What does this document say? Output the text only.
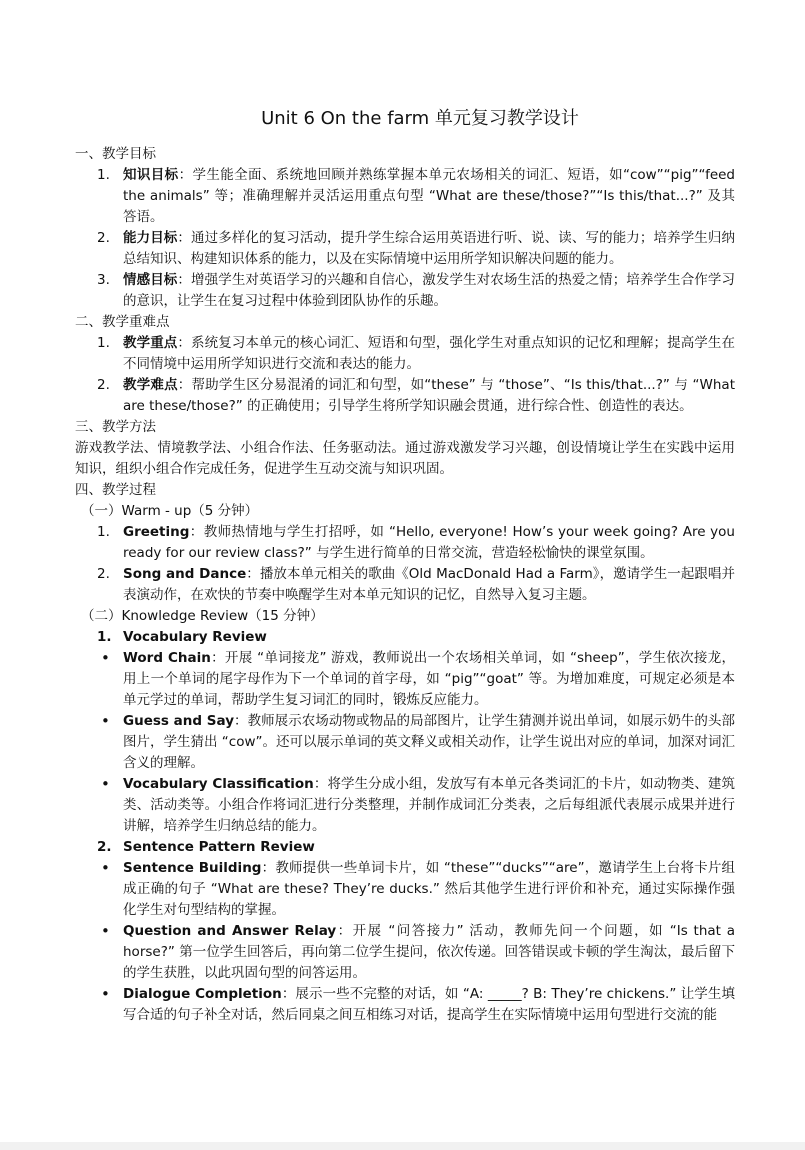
Unit 6 On the farm 单元复习教学设计
一、教学目标
1. 知识目标：学生能全面、系统地回顾并熟练掌握本单元农场相关的词汇、短语，如“cow”“pig”“feed the animals” 等；准确理解并灵活运用重点句型 “What are these/those?”“Is this/that...?” 及其答语。
2. 能力目标：通过多样化的复习活动，提升学生综合运用英语进行听、说、读、写的能力；培养学生归纳总结知识、构建知识体系的能力，以及在实际情境中运用所学知识解决问题的能力。
3. 情感目标：增强学生对英语学习的兴趣和自信心，激发学生对农场生活的热爱之情；培养学生合作学习的意识，让学生在复习过程中体验到团队协作的乐趣。
二、教学重难点
1. 教学重点：系统复习本单元的核心词汇、短语和句型，强化学生对重点知识的记忆和理解；提高学生在不同情境中运用所学知识进行交流和表达的能力。
2. 教学难点：帮助学生区分易混淆的词汇和句型，如“these” 与 “those”、“Is this/that...?” 与 “What are these/those?” 的正确使用；引导学生将所学知识融会贯通，进行综合性、创造性的表达。
三、教学方法

游戏教学法、情境教学法、小组合作法、任务驱动法。通过游戏激发学习兴趣，创设情境让学生在实践中运用知识，组织小组合作完成任务，促进学生互动交流与知识巩固。

四、教学过程
（一）Warm - up（5 分钟）
1. Greeting：教师热情地与学生打招呼，如 “Hello, everyone! How’s your week going? Are you ready for our review class?” 与学生进行简单的日常交流，营造轻松愉快的课堂氛围。
2. Song and Dance：播放本单元相关的歌曲《Old MacDonald Had a Farm》，邀请学生一起跟唱并表演动作，在欢快的节奏中唤醒学生对本单元知识的记忆，自然导入复习主题。
（二）Knowledge Review（15 分钟）
1. Vocabulary Review
• Word Chain：开展 “单词接龙” 游戏，教师说出一个农场相关单词，如 “sheep”，学生依次接龙，用上一个单词的尾字母作为下一个单词的首字母，如 “pig”“goat” 等。为增加难度，可规定必须是本单元学过的单词，帮助学生复习词汇的同时，锻炼反应能力。
• Guess and Say：教师展示农场动物或物品的局部图片，让学生猜测并说出单词，如展示奶牛的头部图片，学生猜出 “cow”。还可以展示单词的英文释义或相关动作，让学生说出对应的单词，加深对词汇含义的理解。
• Vocabulary Classification：将学生分成小组，发放写有本单元各类词汇的卡片，如动物类、建筑类、活动类等。小组合作将词汇进行分类整理，并制作成词汇分类表，之后每组派代表展示成果并进行讲解，培养学生归纳总结的能力。
2. Sentence Pattern Review
• Sentence Building：教师提供一些单词卡片，如 “these”“ducks”“are”，邀请学生上台将卡片组成正确的句子 “What are these? They’re ducks.” 然后其他学生进行评价和补充，通过实际操作强化学生对句型结构的掌握。
• Question and Answer Relay：开展 “问答接力” 活动，教师先问一个问题，如 “Is that a horse?” 第一位学生回答后，再向第二位学生提问，依次传递。回答错误或卡顿的学生淘汰，最后留下的学生获胜，以此巩固句型的问答运用。
• Dialogue Completion：展示一些不完整的对话，如 “A: _____? B: They’re chickens.” 让学生填写合适的句子补全对话，然后同桌之间互相练习对话，提高学生在实际情境中运用句型进行交流的能
